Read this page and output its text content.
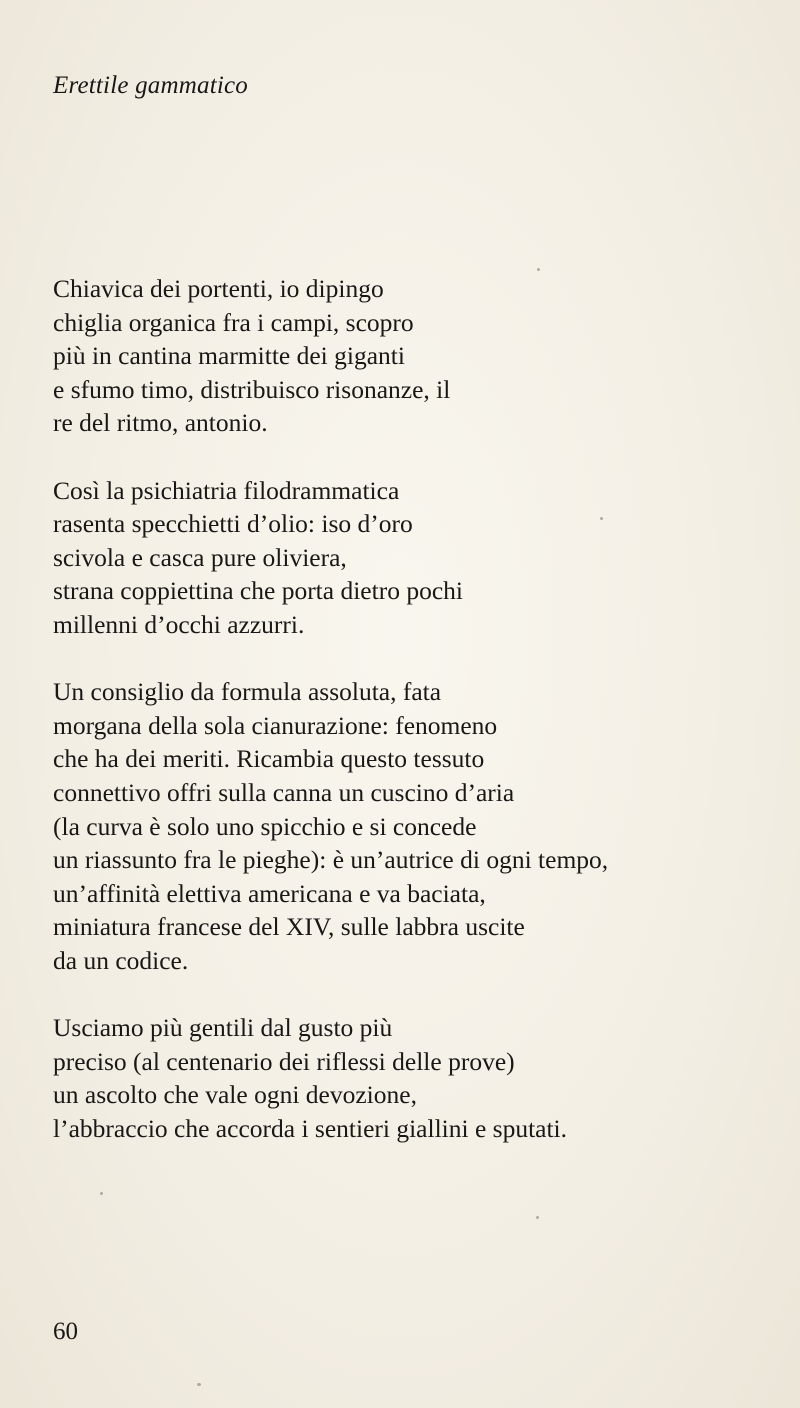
Erettile gammatico
Chiavica dei portenti, io dipingo
chiglia organica fra i campi, scopro
più in cantina marmitte dei giganti
e sfumo timo, distribuisco risonanze, il
re del ritmo, antonio.
Così la psichiatria filodrammatica
rasenta specchietti d’olio: iso d’oro
scivola e casca pure oliviera,
strana coppiettina che porta dietro pochi
millenni d’occhi azzurri.
Un consiglio da formula assoluta, fata
morgana della sola cianurazione: fenomeno
che ha dei meriti. Ricambia questo tessuto
connettivo offri sulla canna un cuscino d’aria
(la curva è solo uno spicchio e si concede
un riassunto fra le pieghe): è un’autrice di ogni tempo,
un’affinità elettiva americana e va baciata,
miniatura francese del XIV, sulle labbra uscite
da un codice.
Usciamo più gentili dal gusto più
preciso (al centenario dei riflessi delle prove)
un ascolto che vale ogni devozione,
l’abbraccio che accorda i sentieri giallini e sputati.

60
